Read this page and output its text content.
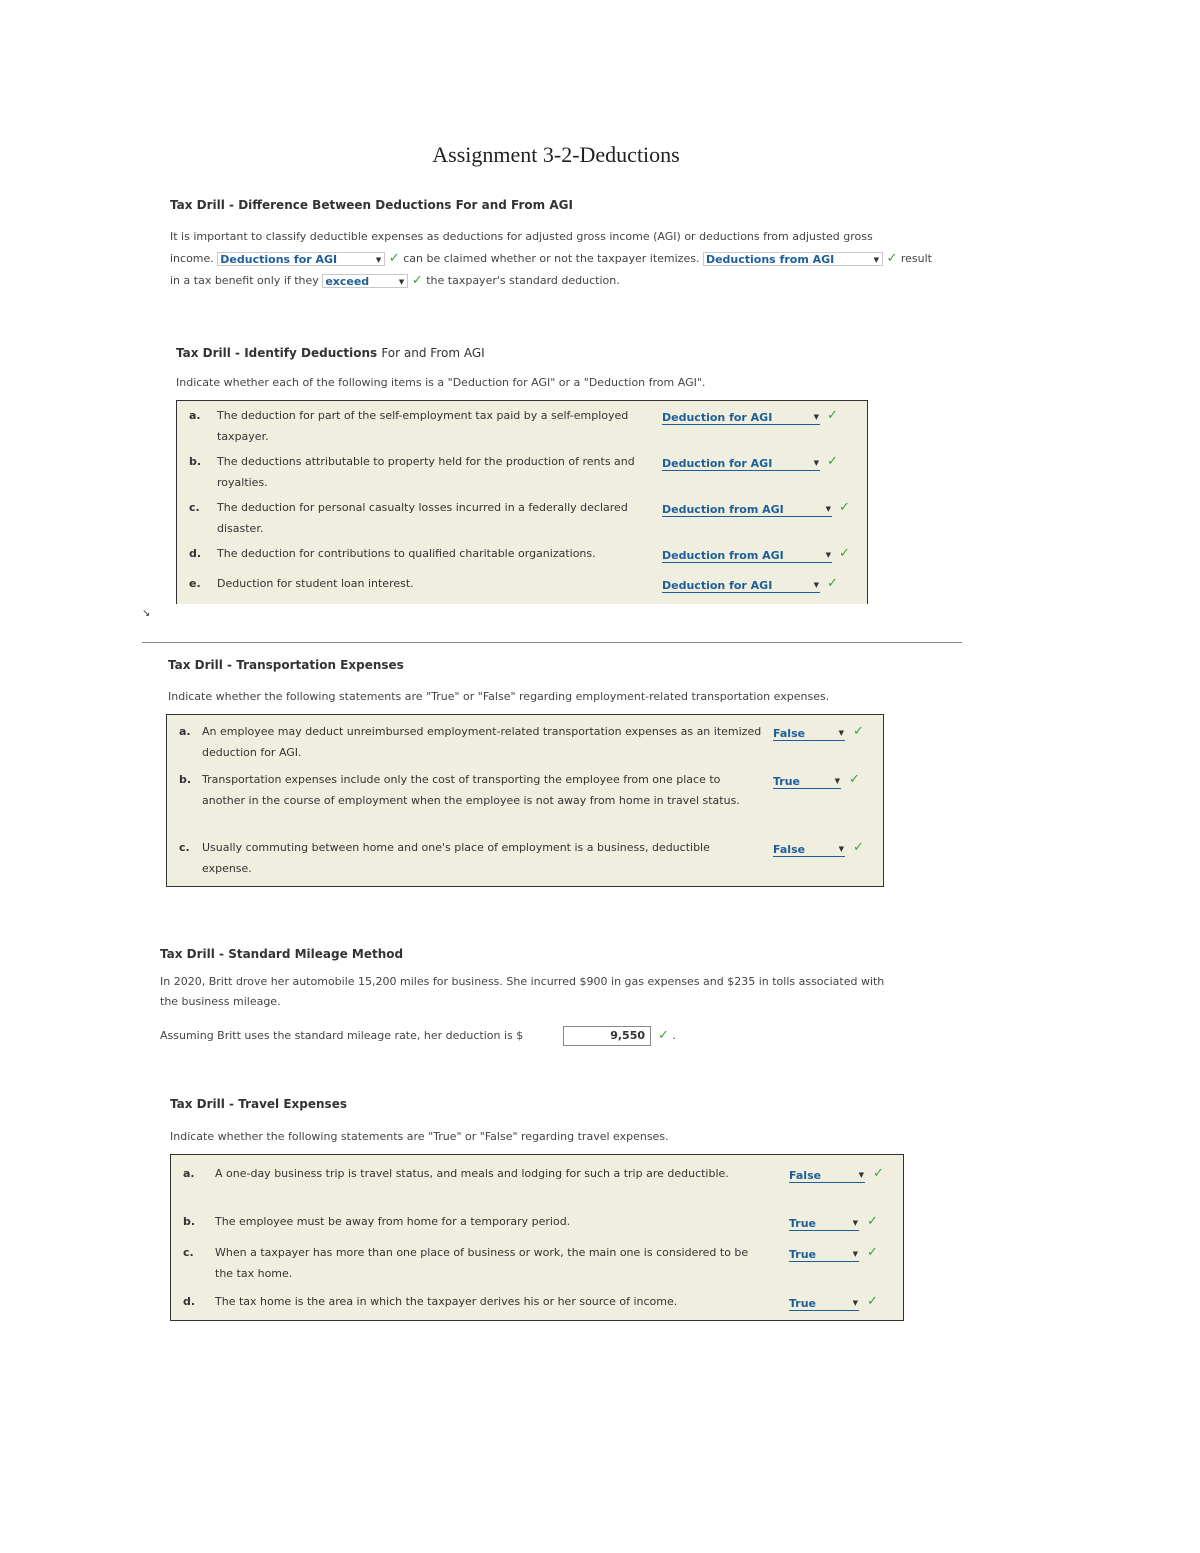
Assignment 3-2-Deductions
Tax Drill - Difference Between Deductions For and From AGI
It is important to classify deductible expenses as deductions for adjusted gross income (AGI) or deductions from adjusted gross
income. Deductions for AGI	▼ ✓ can be claimed whether or not the taxpayer itemizes. Deductions from AGI	▼ ✓ result
in a tax benefit only if they exceed	▼ ✓ the taxpayer's standard deduction.
Tax Drill - Identify Deductions For and From AGI
Indicate whether each of the following items is a "Deduction for AGI" or a "Deduction from AGI".
a. The deduction for part of the self-employment tax paid by a self-employed taxpayer.
Deduction for AGI	▼ ✓
b. The deductions attributable to property held for the production of rents and royalties.
Deduction for AGI	▼ ✓
c. The deduction for personal casualty losses incurred in a federally declared disaster.
Deduction from AGI	▼ ✓
d. The deduction for contributions to qualified charitable organizations.	Deduction from AGI	▼ ✓
e. Deduction for student loan interest.	Deduction for AGI	▼ ✓
↘
Tax Drill - Transportation Expenses
Indicate whether the following statements are "True" or "False" regarding employment-related transportation expenses.
a. An employee may deduct unreimbursed employment-related transportation expenses as an itemized deduction for AGI.
False	▼ ✓
b. Transportation expenses include only the cost of transporting the employee from one place to another in the course of employment when the employee is not away from home in travel status.
True	▼ ✓
c. Usually commuting between home and one's place of employment is a business, deductible expense.
False	▼ ✓
Tax Drill - Standard Mileage Method
In 2020, Britt drove her automobile 15,200 miles for business. She incurred $900 in gas expenses and $235 in tolls associated with
the business mileage.
Assuming Britt uses the standard mileage rate, her deduction is $	9,550	✓ .
Tax Drill - Travel Expenses
Indicate whether the following statements are "True" or "False" regarding travel expenses.
a. A one-day business trip is travel status, and meals and lodging for such a trip are deductible.	False	▼ ✓
b. The employee must be away from home for a temporary period.	True	▼ ✓
c. When a taxpayer has more than one place of business or work, the main one is considered to be the tax home.
True	▼ ✓
d. The tax home is the area in which the taxpayer derives his or her source of income.	True	▼ ✓
